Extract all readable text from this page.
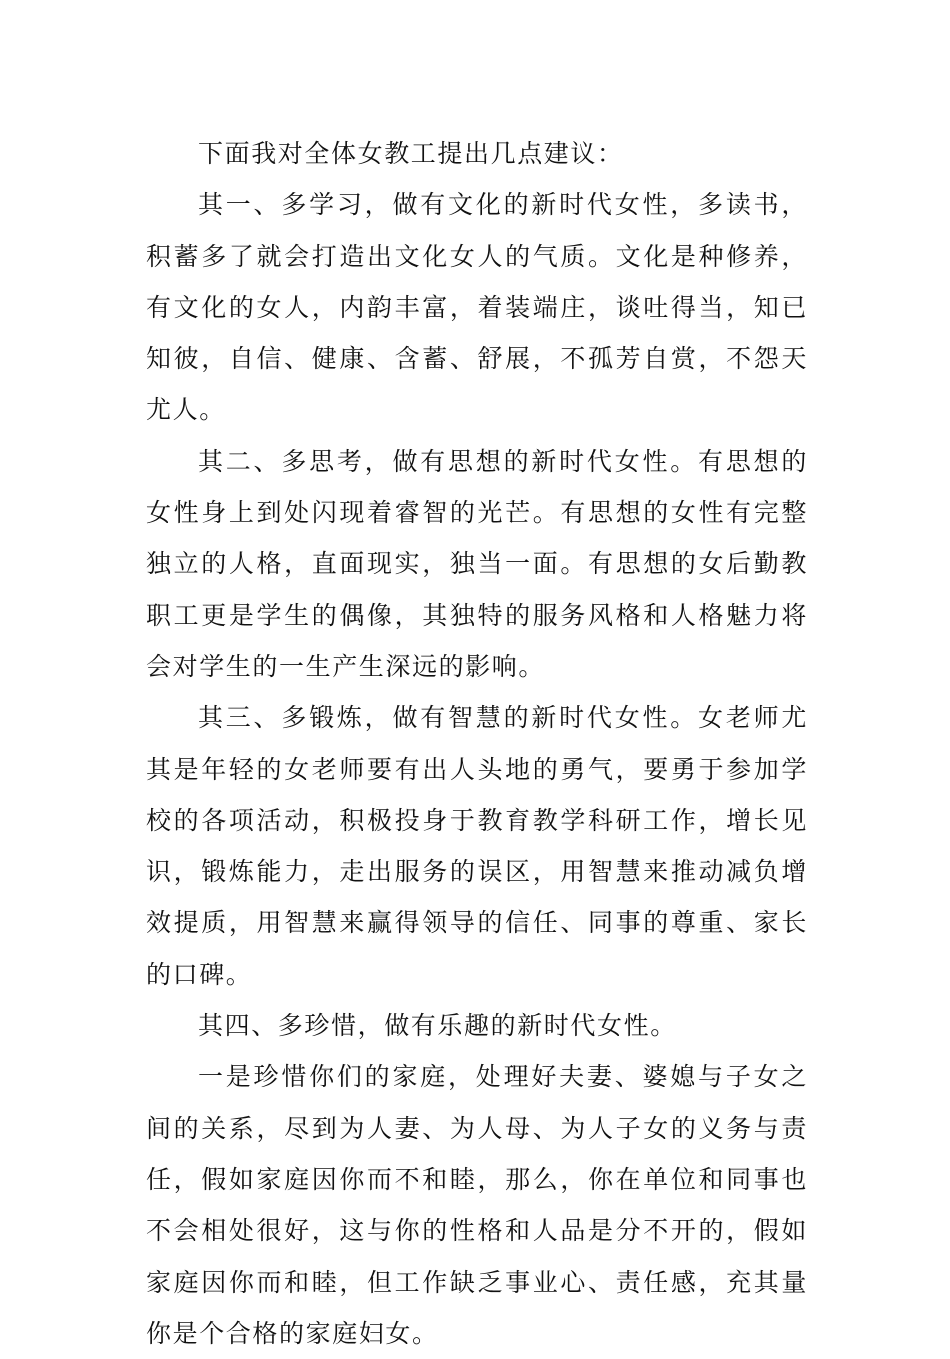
下面我对全体女教工提出几点建议：

其一、多学习，做有文化的新时代女性，多读书，积蓄多了就会打造出文化女人的气质。文化是种修养，有文化的女人，内韵丰富，着装端庄，谈吐得当，知已知彼，自信、健康、含蓄、舒展，不孤芳自赏，不怨天尤人。

其二、多思考，做有思想的新时代女性。有思想的女性身上到处闪现着睿智的光芒。有思想的女性有完整独立的人格，直面现实，独当一面。有思想的女后勤教职工更是学生的偶像，其独特的服务风格和人格魅力将会对学生的一生产生深远的影响。

其三、多锻炼，做有智慧的新时代女性。女老师尤其是年轻的女老师要有出人头地的勇气，要勇于参加学校的各项活动，积极投身于教育教学科研工作，增长见识，锻炼能力，走出服务的误区，用智慧来推动减负增效提质，用智慧来赢得领导的信任、同事的尊重、家长的口碑。

其四、多珍惜，做有乐趣的新时代女性。

一是珍惜你们的家庭，处理好夫妻、婆媳与子女之间的关系，尽到为人妻、为人母、为人子女的义务与责任，假如家庭因你而不和睦，那么，你在单位和同事也不会相处很好，这与你的性格和人品是分不开的，假如家庭因你而和睦，但工作缺乏事业心、责任感，充其量你是个合格的家庭妇女。
